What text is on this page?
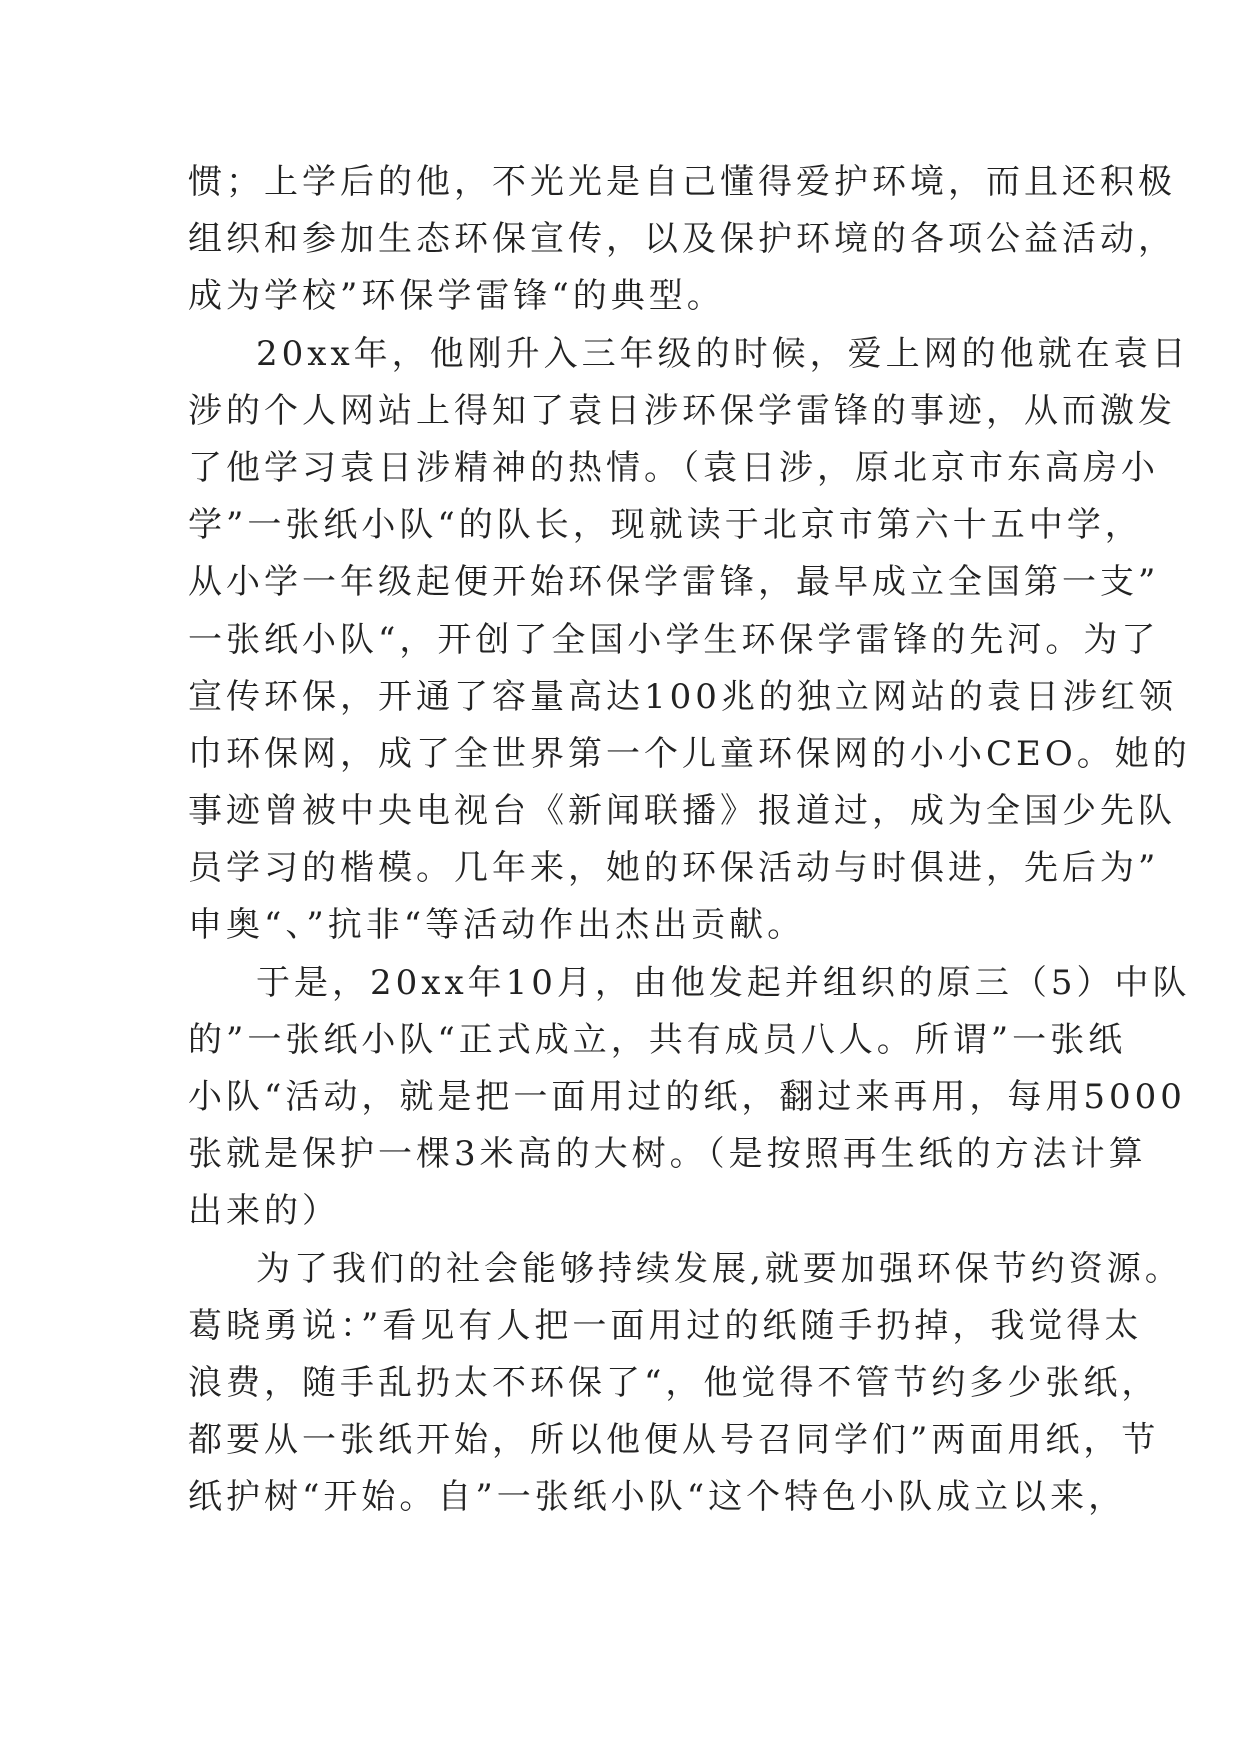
惯；上学后的他，不光光是自己懂得爱护环境，而且还积极
组织和参加生态环保宣传，以及保护环境的各项公益活动，
成为学校”环保学雷锋“的典型。
20xx年，他刚升入三年级的时候，爱上网的他就在袁日
涉的个人网站上得知了袁日涉环保学雷锋的事迹，从而激发
了他学习袁日涉精神的热情。（袁日涉，原北京市东高房小
学”一张纸小队“的队长，现就读于北京市第六十五中学，
从小学一年级起便开始环保学雷锋，最早成立全国第一支”
一张纸小队“，开创了全国小学生环保学雷锋的先河。为了
宣传环保，开通了容量高达100兆的独立网站的袁日涉红领
巾环保网，成了全世界第一个儿童环保网的小小CEO。她的
事迹曾被中央电视台《新闻联播》报道过，成为全国少先队
员学习的楷模。几年来，她的环保活动与时俱进，先后为”
申奥“、”抗非“等活动作出杰出贡献。
于是，20xx年10月，由他发起并组织的原三（5）中队
的”一张纸小队“正式成立，共有成员八人。所谓”一张纸
小队“活动，就是把一面用过的纸，翻过来再用，每用5000
张就是保护一棵3米高的大树。（是按照再生纸的方法计算
出来的）
为了我们的社会能够持续发展,就要加强环保节约资源。
葛晓勇说：”看见有人把一面用过的纸随手扔掉，我觉得太
浪费，随手乱扔太不环保了“，他觉得不管节约多少张纸，
都要从一张纸开始，所以他便从号召同学们”两面用纸，节
纸护树“开始。自”一张纸小队“这个特色小队成立以来，
